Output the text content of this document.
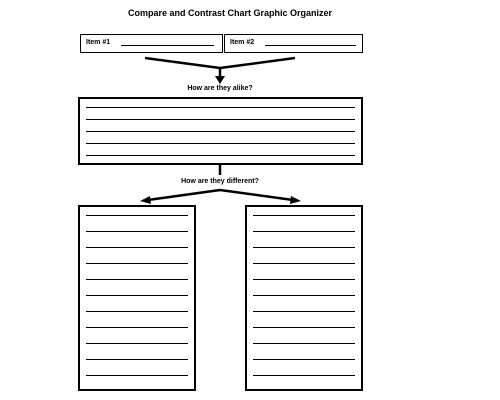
Compare and Contrast Chart Graphic Organizer
Item #1	Item #2
How are they alike?
How are they different?
